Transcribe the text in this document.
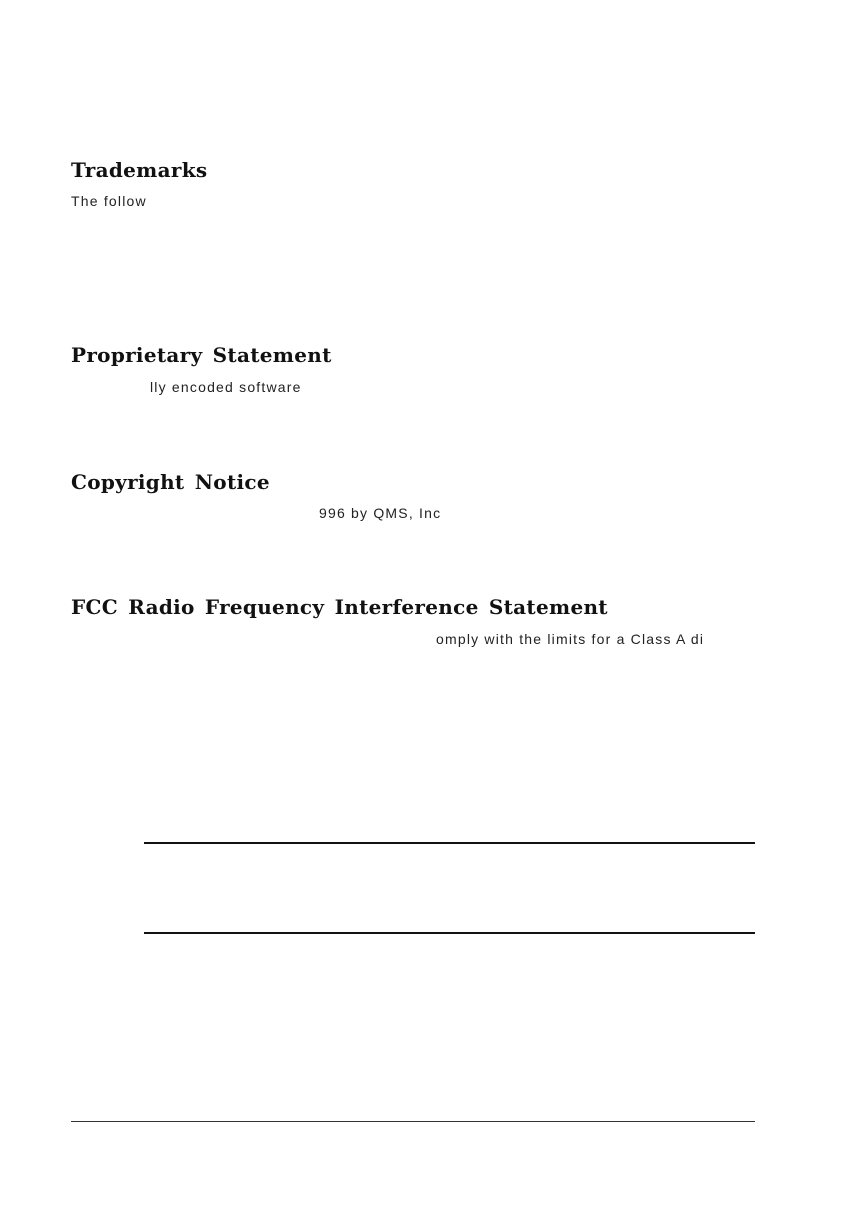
Trademarks

The follow

Proprietary Statement

lly encoded software

Copyright Notice

996 by QMS, Inc

FCC Radio Frequency Interference Statement

omply with the limits for a Class A di
